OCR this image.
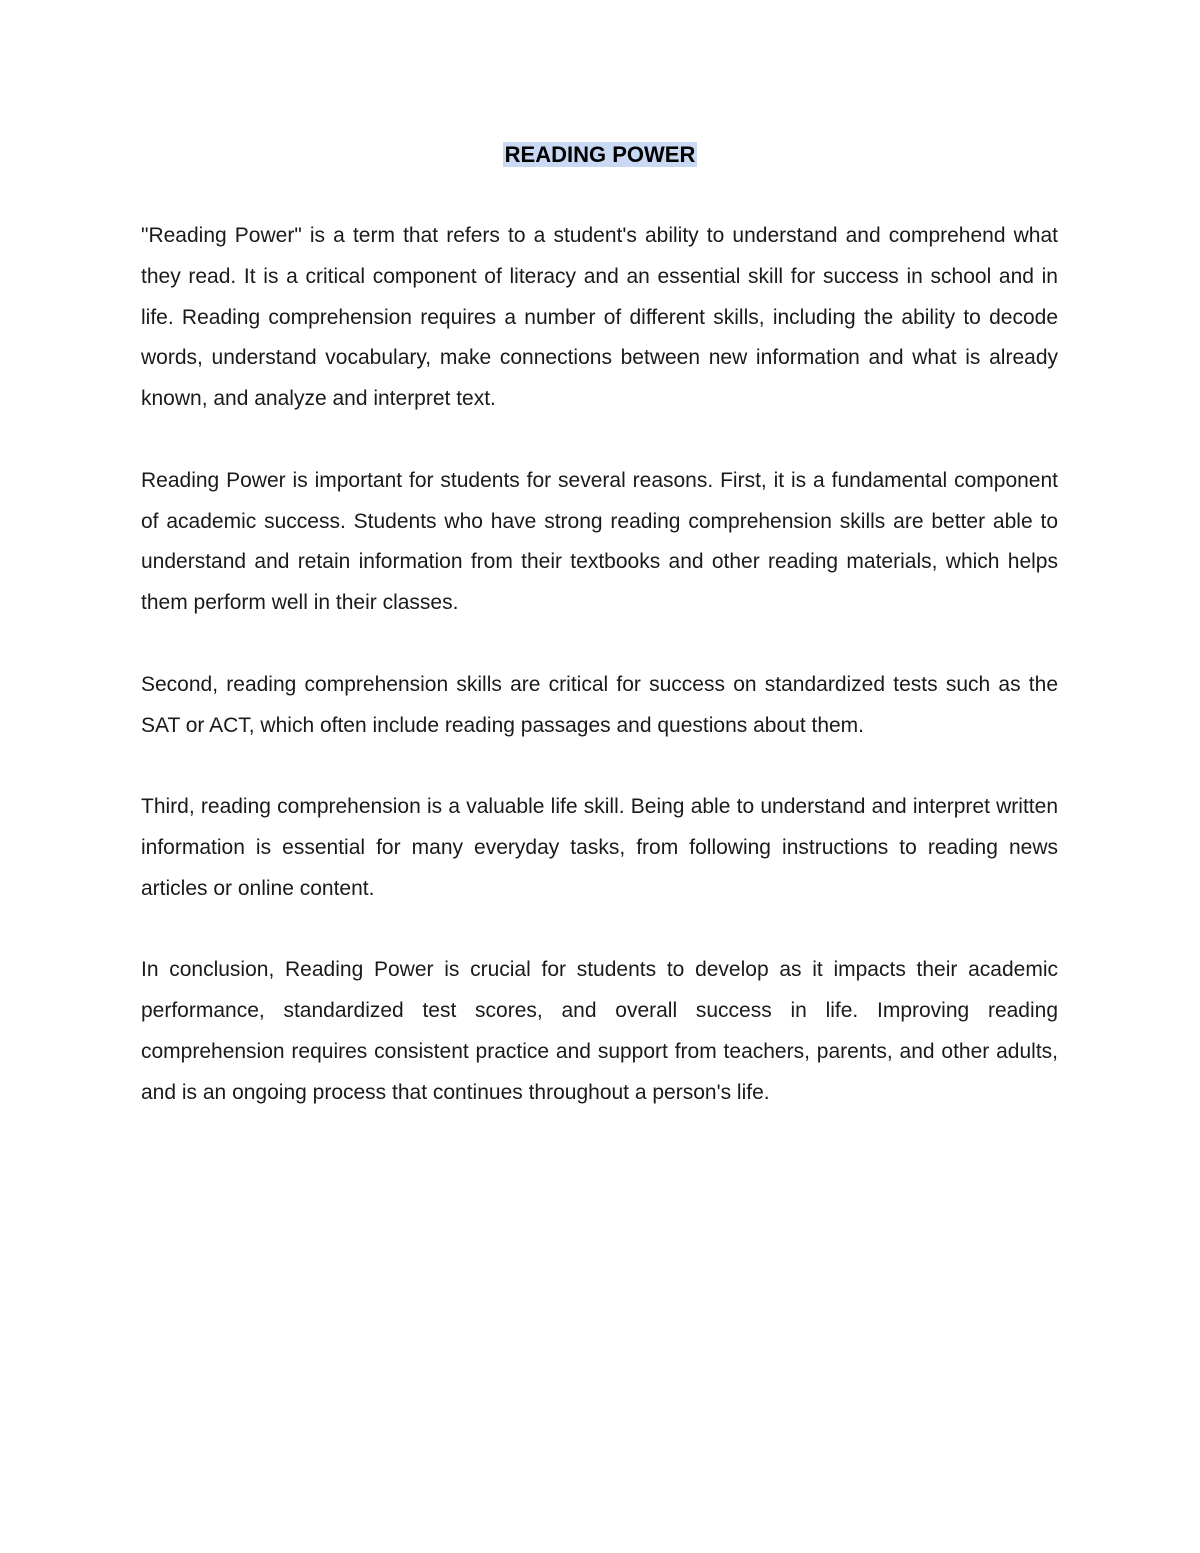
READING POWER

"Reading Power" is a term that refers to a student's ability to understand and comprehend what they read. It is a critical component of literacy and an essential skill for success in school and in life. Reading comprehension requires a number of different skills, including the ability to decode words, understand vocabulary, make connections between new information and what is already known, and analyze and interpret text.

Reading Power is important for students for several reasons. First, it is a fundamental component of academic success. Students who have strong reading comprehension skills are better able to understand and retain information from their textbooks and other reading materials, which helps them perform well in their classes.

Second, reading comprehension skills are critical for success on standardized tests such as the SAT or ACT, which often include reading passages and questions about them.

Third, reading comprehension is a valuable life skill. Being able to understand and interpret written information is essential for many everyday tasks, from following instructions to reading news articles or online content.

In conclusion, Reading Power is crucial for students to develop as it impacts their academic performance, standardized test scores, and overall success in life. Improving reading comprehension requires consistent practice and support from teachers, parents, and other adults, and is an ongoing process that continues throughout a person's life.
